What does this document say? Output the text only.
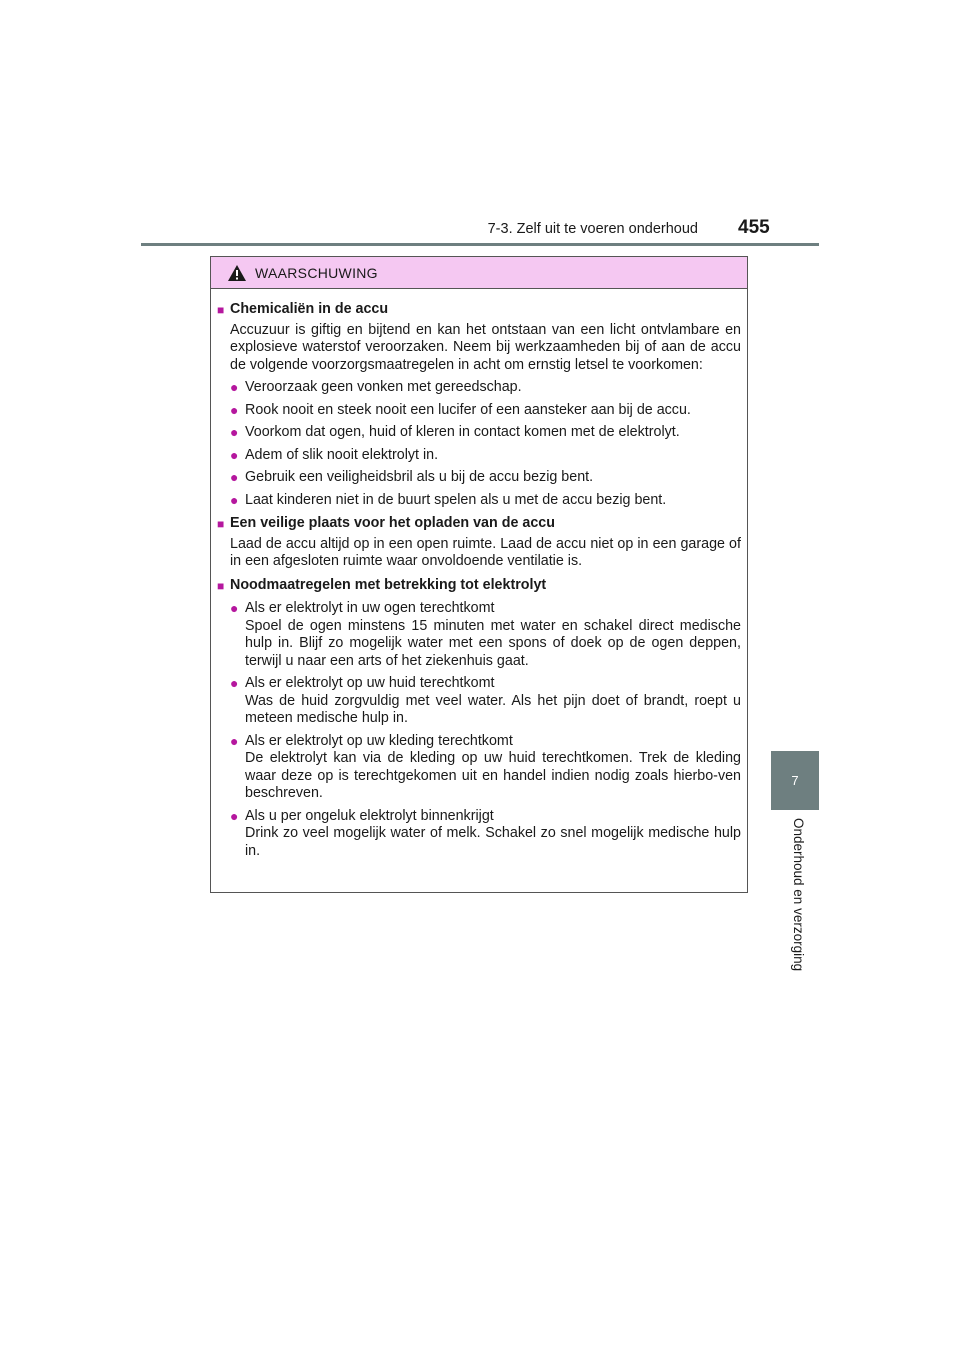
7-3. Zelf uit te voeren onderhoud 455
7
Onderhoud en verzorging
WAARSCHUWING
■ Chemicaliën in de accu
Accuzuur is giftig en bijtend en kan het ontstaan van een licht ontvlambare en explosieve waterstof veroorzaken. Neem bij werkzaamheden bij of aan de accu de volgende voorzorgsmaatregelen in acht om ernstig letsel te voorkomen:
● Veroorzaak geen vonken met gereedschap.
● Rook nooit en steek nooit een lucifer of een aansteker aan bij de accu.
● Voorkom dat ogen, huid of kleren in contact komen met de elektrolyt.
● Adem of slik nooit elektrolyt in.
● Gebruik een veiligheidsbril als u bij de accu bezig bent.
● Laat kinderen niet in de buurt spelen als u met de accu bezig bent.
■ Een veilige plaats voor het opladen van de accu
Laad de accu altijd op in een open ruimte. Laad de accu niet op in een garage of in een afgesloten ruimte waar onvoldoende ventilatie is.
■ Noodmaatregelen met betrekking tot elektrolyt
● Als er elektrolyt in uw ogen terechtkomt
Spoel de ogen minstens 15 minuten met water en schakel direct medische hulp in. Blijf zo mogelijk water met een spons of doek op de ogen deppen, terwijl u naar een arts of het ziekenhuis gaat.
● Als er elektrolyt op uw huid terechtkomt
Was de huid zorgvuldig met veel water. Als het pijn doet of brandt, roept u meteen medische hulp in.
● Als er elektrolyt op uw kleding terechtkomt
De elektrolyt kan via de kleding op uw huid terechtkomen. Trek de kleding waar deze op is terechtgekomen uit en handel indien nodig zoals hierbo-ven beschreven.
● Als u per ongeluk elektrolyt binnenkrijgt
Drink zo veel mogelijk water of melk. Schakel zo snel mogelijk medische hulp in.
